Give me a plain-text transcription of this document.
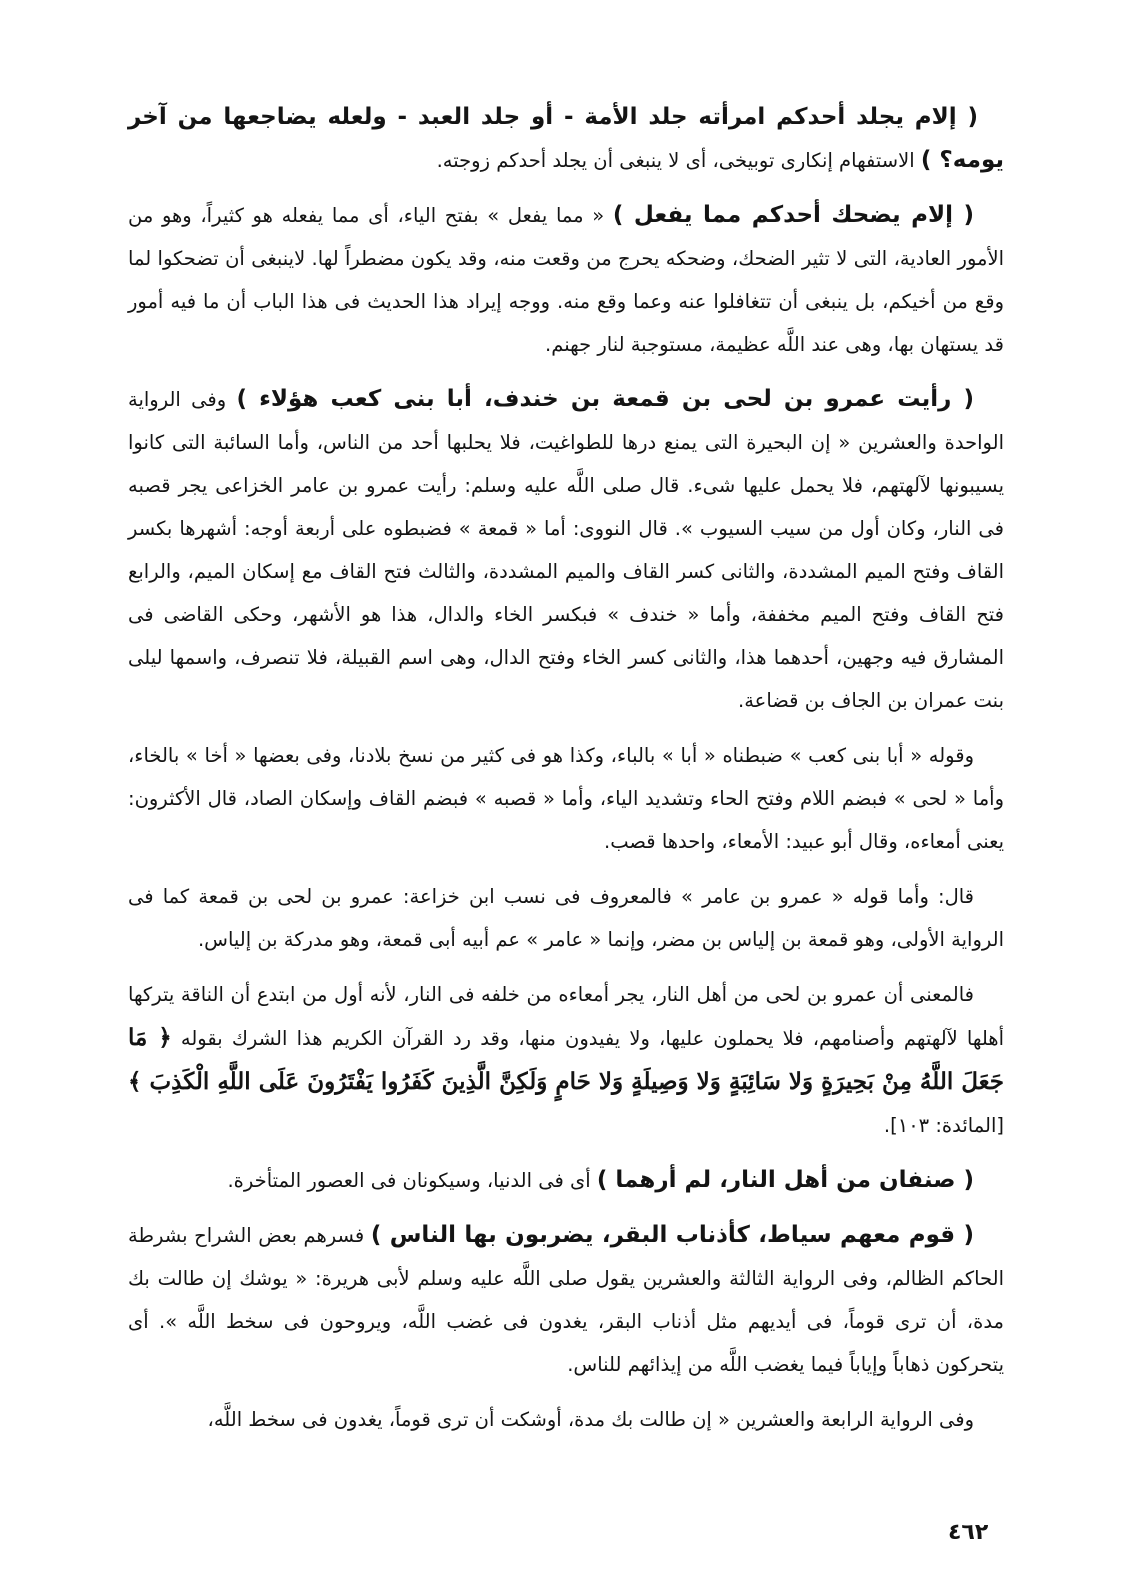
( إلام يجلد أحدكم امرأته جلد الأمة - أو جلد العبد - ولعله يضاجعها من آخر يومه؟ ) الاستفهام إنكارى توبيخى، أى لا ينبغى أن يجلد أحدكم زوجته.

( إلام يضحك أحدكم مما يفعل ) « مما يفعل » بفتح الياء، أى مما يفعله هو كثيراً، وهو من الأمور العادية، التى لا تثير الضحك، وضحكه يحرج من وقعت منه، وقد يكون مضطراً لها. لاينبغى أن تضحكوا لما وقع من أخيكم، بل ينبغى أن تتغافلوا عنه وعما وقع منه. ووجه إيراد هذا الحديث فى هذا الباب أن ما فيه أمور قد يستهان بها، وهى عند اللَّه عظيمة، مستوجبة لنار جهنم.

( رأيت عمرو بن لحى بن قمعة بن خندف، أبا بنى كعب هؤلاء ) وفى الرواية الواحدة والعشرين « إن البحيرة التى يمنع درها للطواغيت، فلا يحلبها أحد من الناس، وأما السائبة التى كانوا يسيبونها لآلهتهم، فلا يحمل عليها شىء. قال صلى اللَّه عليه وسلم: رأيت عمرو بن عامر الخزاعى يجر قصبه فى النار، وكان أول من سيب السيوب ». قال النووى: أما « قمعة » فضبطوه على أربعة أوجه: أشهرها بكسر القاف وفتح الميم المشددة، والثانى كسر القاف والميم المشددة، والثالث فتح القاف مع إسكان الميم، والرابع فتح القاف وفتح الميم مخففة، وأما « خندف » فبكسر الخاء والدال، هذا هو الأشهر، وحكى القاضى فى المشارق فيه وجهين، أحدهما هذا، والثانى كسر الخاء وفتح الدال، وهى اسم القبيلة، فلا تنصرف، واسمها ليلى بنت عمران بن الجاف بن قضاعة.

وقوله « أبا بنى كعب » ضبطناه « أبا » بالباء، وكذا هو فى كثير من نسخ بلادنا، وفى بعضها « أخا » بالخاء، وأما « لحى » فبضم اللام وفتح الحاء وتشديد الياء، وأما « قصبه » فبضم القاف وإسكان الصاد، قال الأكثرون: يعنى أمعاءه، وقال أبو عبيد: الأمعاء، واحدها قصب.

قال: وأما قوله « عمرو بن عامر » فالمعروف فى نسب ابن خزاعة: عمرو بن لحى بن قمعة كما فى الرواية الأولى، وهو قمعة بن إلياس بن مضر، وإنما « عامر » عم أبيه أبى قمعة، وهو مدركة بن إلياس.

فالمعنى أن عمرو بن لحى من أهل النار، يجر أمعاءه من خلفه فى النار، لأنه أول من ابتدع أن الناقة يتركها أهلها لآلهتهم وأصنامهم، فلا يحملون عليها، ولا يفيدون منها، وقد رد القرآن الكريم هذا الشرك بقوله ﴿ مَا جَعَلَ اللَّهُ مِنْ بَحِيرَةٍ وَلا سَائِبَةٍ وَلا وَصِيلَةٍ وَلا حَامٍ وَلَكِنَّ الَّذِينَ كَفَرُوا يَفْتَرُونَ عَلَى اللَّهِ الْكَذِبَ ﴾ [المائدة: ١٠٣].

( صنفان من أهل النار، لم أرهما ) أى فى الدنيا، وسيكونان فى العصور المتأخرة.

( قوم معهم سياط، كأذناب البقر، يضربون بها الناس ) فسرهم بعض الشراح بشرطة الحاكم الظالم، وفى الرواية الثالثة والعشرين يقول صلى اللَّه عليه وسلم لأبى هريرة: « يوشك إن طالت بك مدة، أن ترى قوماً، فى أيديهم مثل أذناب البقر، يغدون فى غضب اللَّه، ويروحون فى سخط اللَّه ». أى يتحركون ذهاباً وإياباً فيما يغضب اللَّه من إيذائهم للناس.

وفى الرواية الرابعة والعشرين « إن طالت بك مدة، أوشكت أن ترى قوماً، يغدون فى سخط اللَّه،

٤٦٢
